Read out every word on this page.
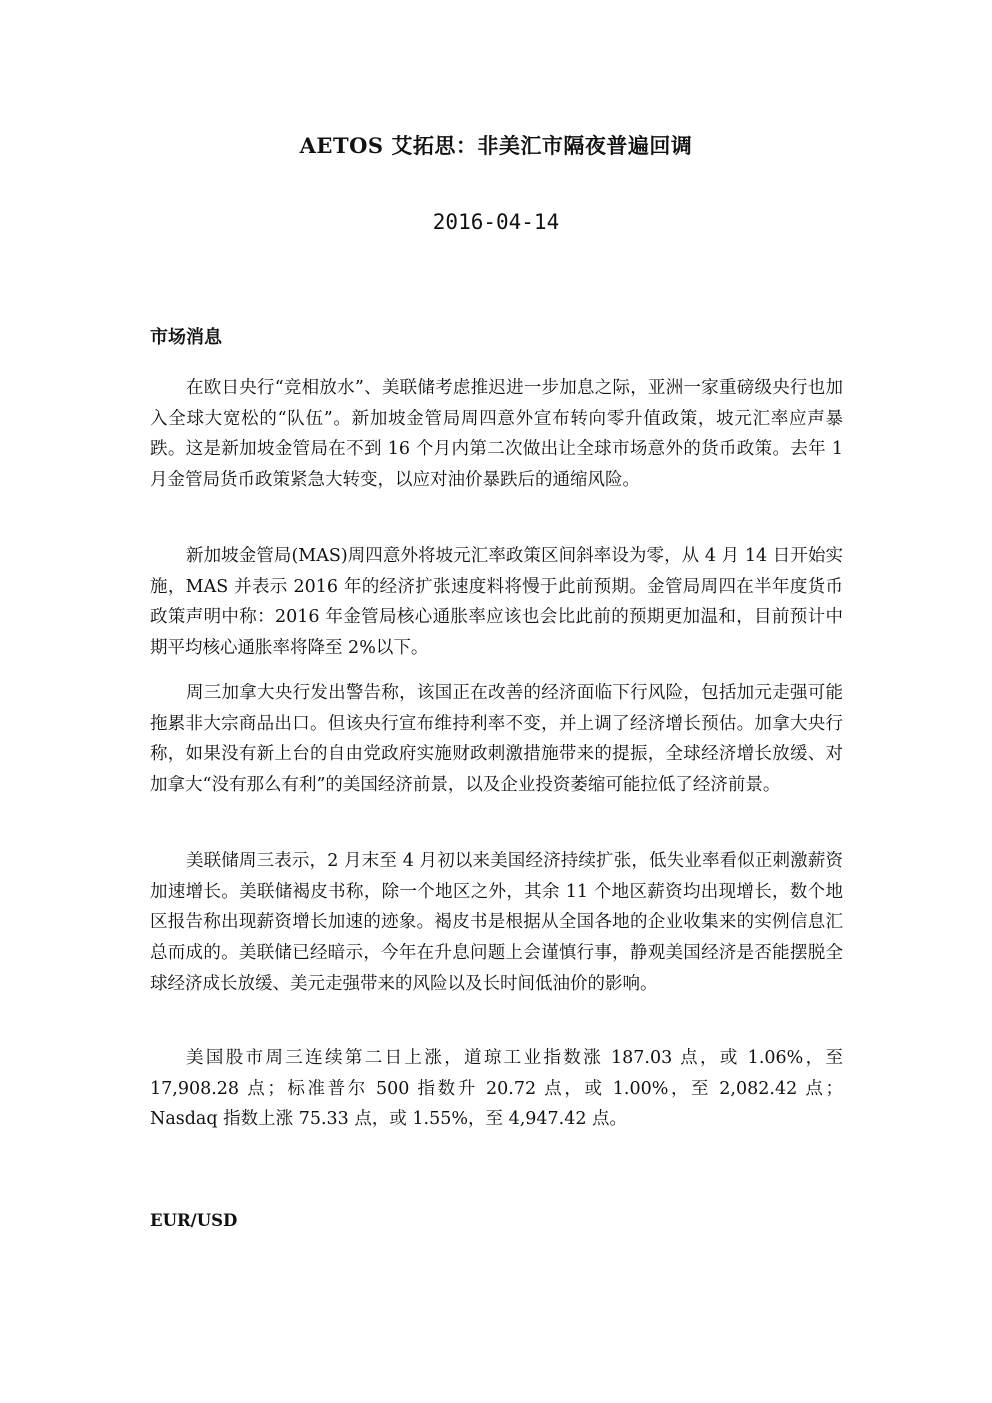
AETOS 艾拓思：非美汇市隔夜普遍回调
2016-04-14
市场消息

在欧日央行“竞相放水”、美联储考虑推迟进一步加息之际，亚洲一家重磅级央行也加入全球大宽松的“队伍”。新加坡金管局周四意外宣布转向零升值政策，坡元汇率应声暴跌。这是新加坡金管局在不到 16 个月内第二次做出让全球市场意外的货币政策。去年 1 月金管局货币政策紧急大转变，以应对油价暴跌后的通缩风险。

新加坡金管局(MAS)周四意外将坡元汇率政策区间斜率设为零，从 4 月 14 日开始实施，MAS 并表示 2016 年的经济扩张速度料将慢于此前预期。金管局周四在半年度货币政策声明中称：2016 年金管局核心通胀率应该也会比此前的预期更加温和，目前预计中期平均核心通胀率将降至 2%以下。

周三加拿大央行发出警告称，该国正在改善的经济面临下行风险，包括加元走强可能拖累非大宗商品出口。但该央行宣布维持利率不变，并上调了经济增长预估。加拿大央行称，如果没有新上台的自由党政府实施财政刺激措施带来的提振，全球经济增长放缓、对加拿大“没有那么有利”的美国经济前景，以及企业投资萎缩可能拉低了经济前景。

美联储周三表示，2 月末至 4 月初以来美国经济持续扩张，低失业率看似正刺激薪资加速增长。美联储褐皮书称，除一个地区之外，其余 11 个地区薪资均出现增长，数个地区报告称出现薪资增长加速的迹象。褐皮书是根据从全国各地的企业收集来的实例信息汇总而成的。美联储已经暗示，今年在升息问题上会谨慎行事，静观美国经济是否能摆脱全球经济成长放缓、美元走强带来的风险以及长时间低油价的影响。

美国股市周三连续第二日上涨，道琼工业指数涨 187.03 点，或 1.06%，至 17,908.28 点；标准普尔 500 指数升 20.72 点，或 1.00%，至 2,082.42 点；Nasdaq 指数上涨 75.33 点，或 1.55%，至 4,947.42 点。

EUR/USD
